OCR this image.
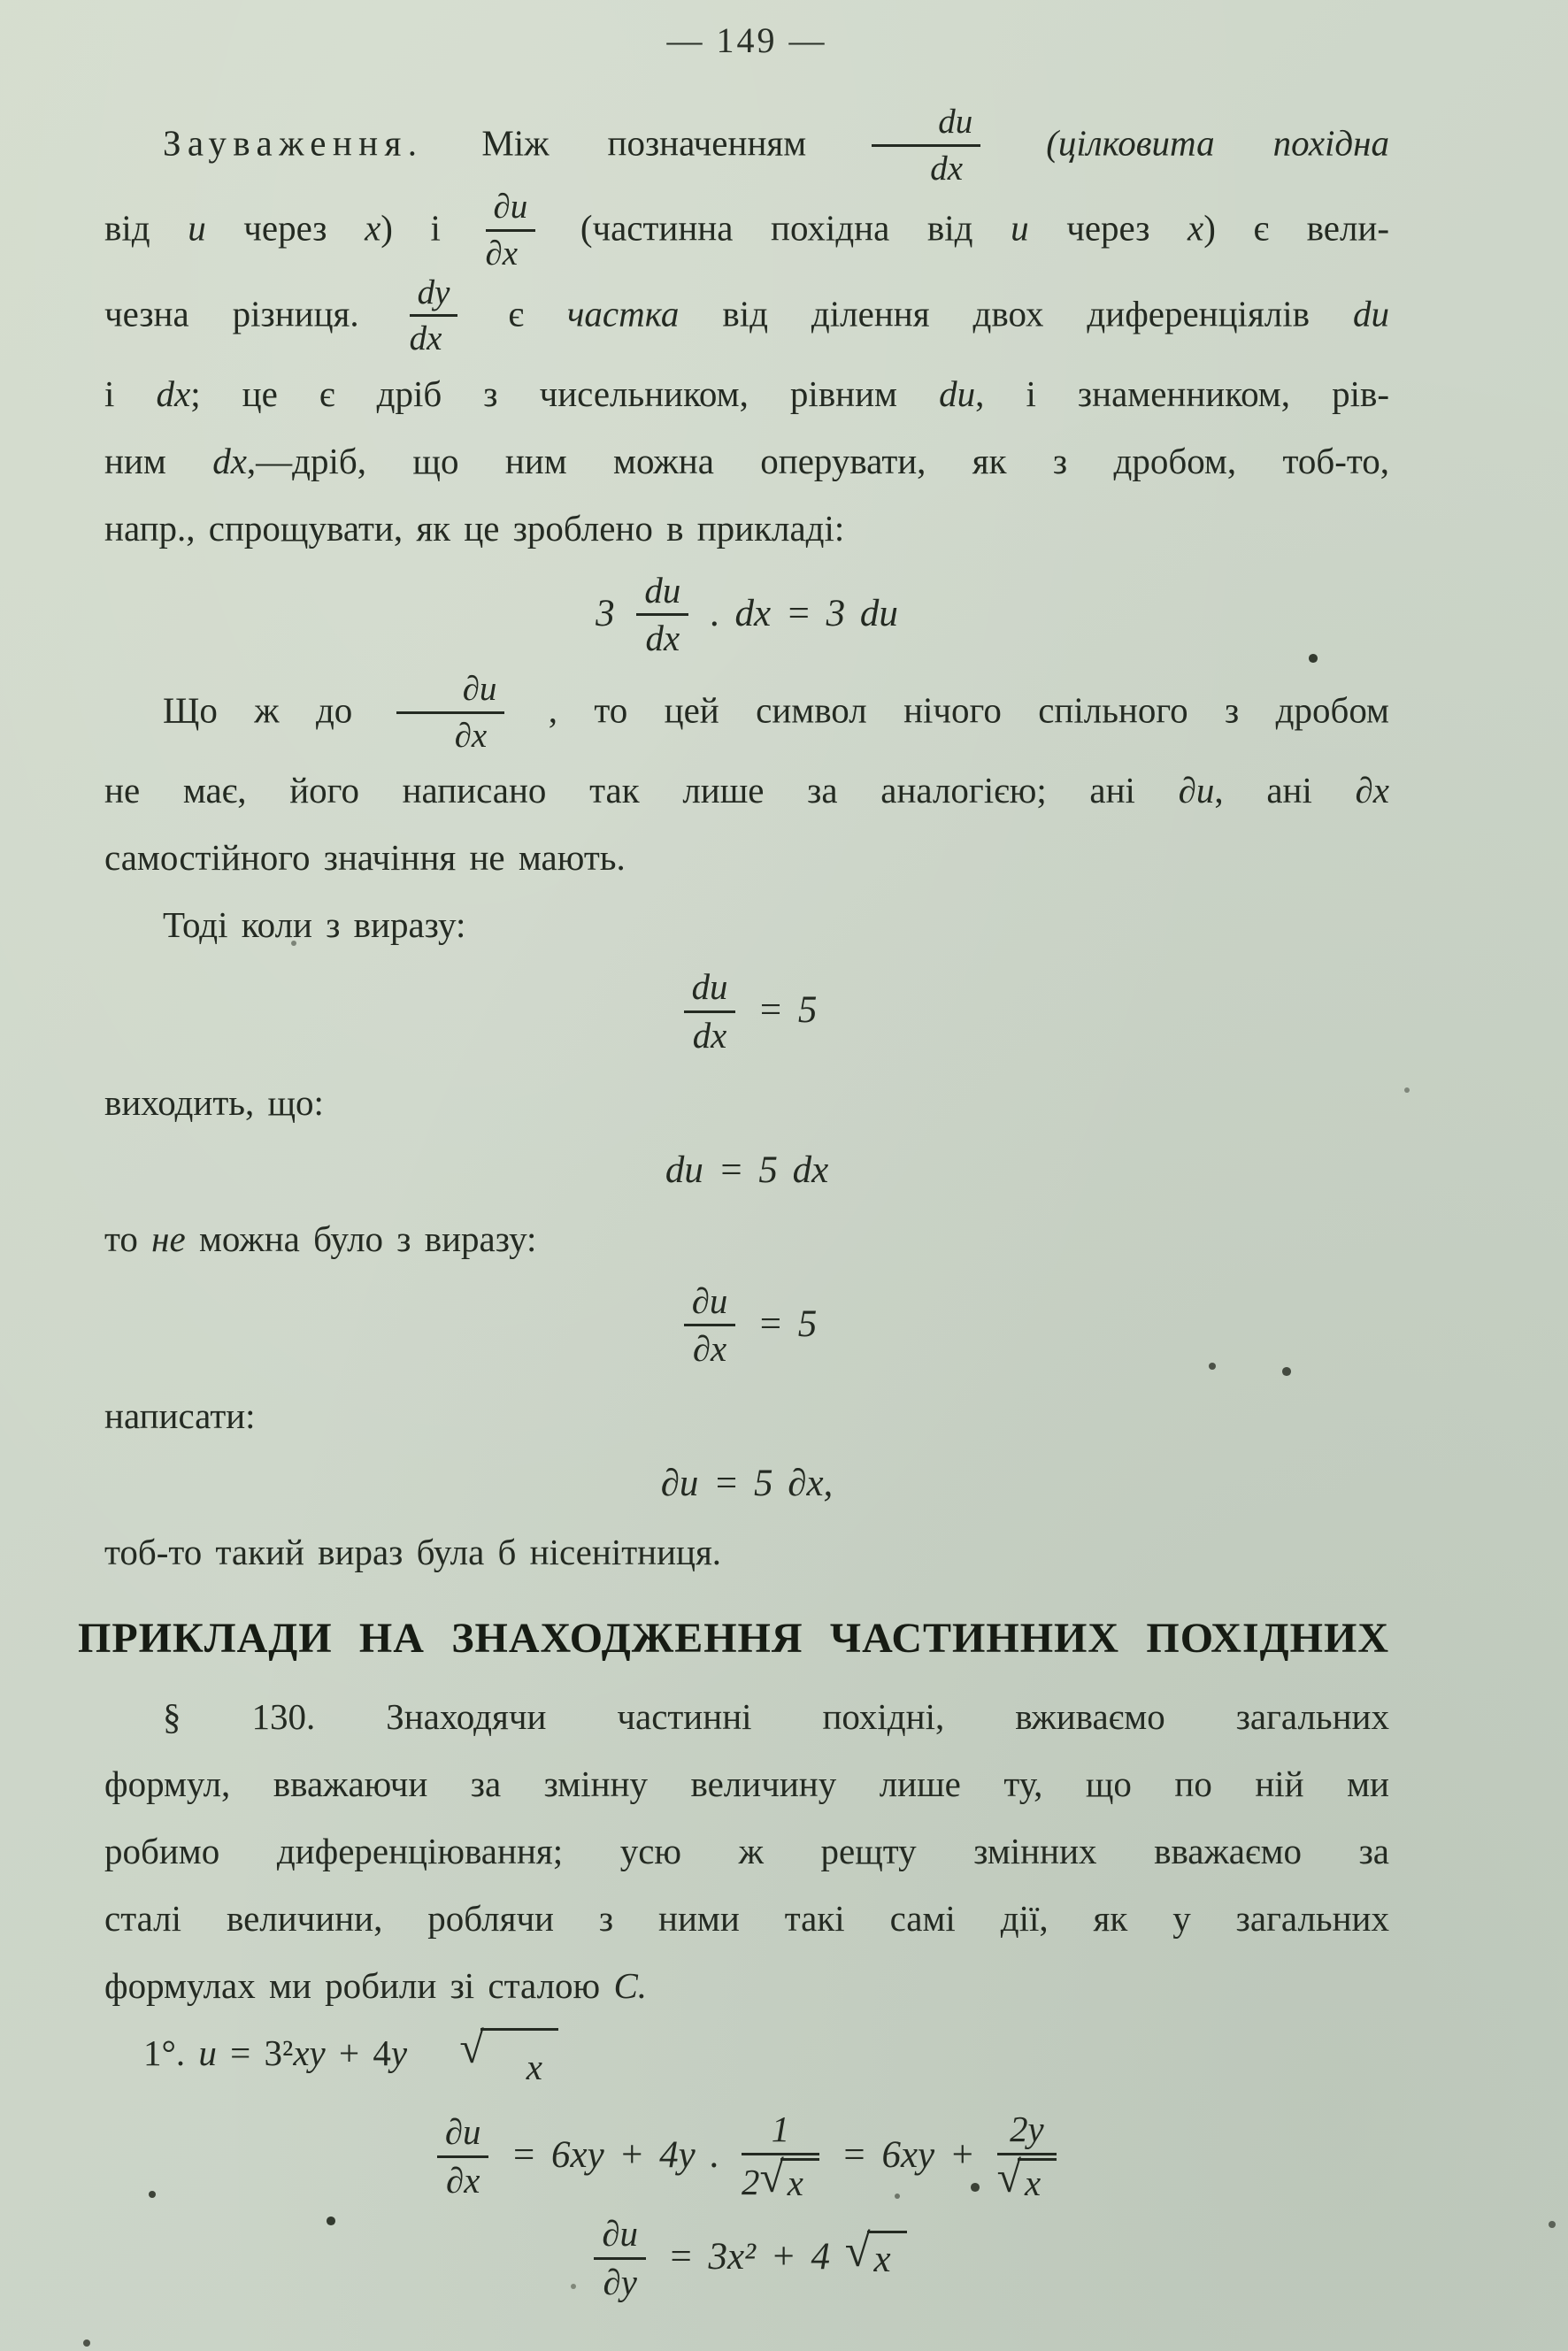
— 149 —
Зауваження. Між позначенням $\frac{du}{dx}$ (цілковита похідна
від u через x) і $\frac{\partial u}{\partial x}$ (частинна похідна від u через x) є вели-
чезна різниця. $\frac{dy}{dx}$ є частка від ділення двох диференціялів du
і dx; це є дріб з чисельником, рівним du, і знаменником, рів-
ним dx,—дріб, що ним можна оперувати, як з дробом, тоб-то,
напр., спрощувати, як це зроблено в прикладі:
$3 \frac{du}{dx}$ . dx = 3 du
Що ж до $\frac{\partial u}{\partial x}$ , то цей символ нічого спільного з дробом
не має, його написано так лише за аналогією; ані ∂u, ані ∂x
самостійного значіння не мають.
Тоді коли з виразу:
$\frac{du}{dx} = 5$
виходить, що:
du = 5 dx
то не можна було з виразу:
$\frac{\partial u}{\partial x} = 5$
написати:
∂u = 5 ∂x,
тоб-то такий вираз була б нісенітниця.
ПРИКЛАДИ НА ЗНАХОДЖЕННЯ ЧАСТИННИХ ПОХІДНИХ
§ 130. Знаходячи частинні похідні, вживаємо загальних
формул, вважаючи за змінну величину лише ту, що по ній ми
робимо диференціювання; усю ж рещту змінних вважаємо за
сталі величини, роблячи з ними такі самі дії, як у загальних
формулах ми робили зі сталою C.
1°. u = 3²xy + 4y √	x
$\frac{\partial u}{\partial x} = 6xy + 4y$ . $\frac{1}{2 √ x} = 6xy + \frac{2y}{√ x}$
$\frac{\partial u}{\partial y} = 3x^2 + 4$ √ x
